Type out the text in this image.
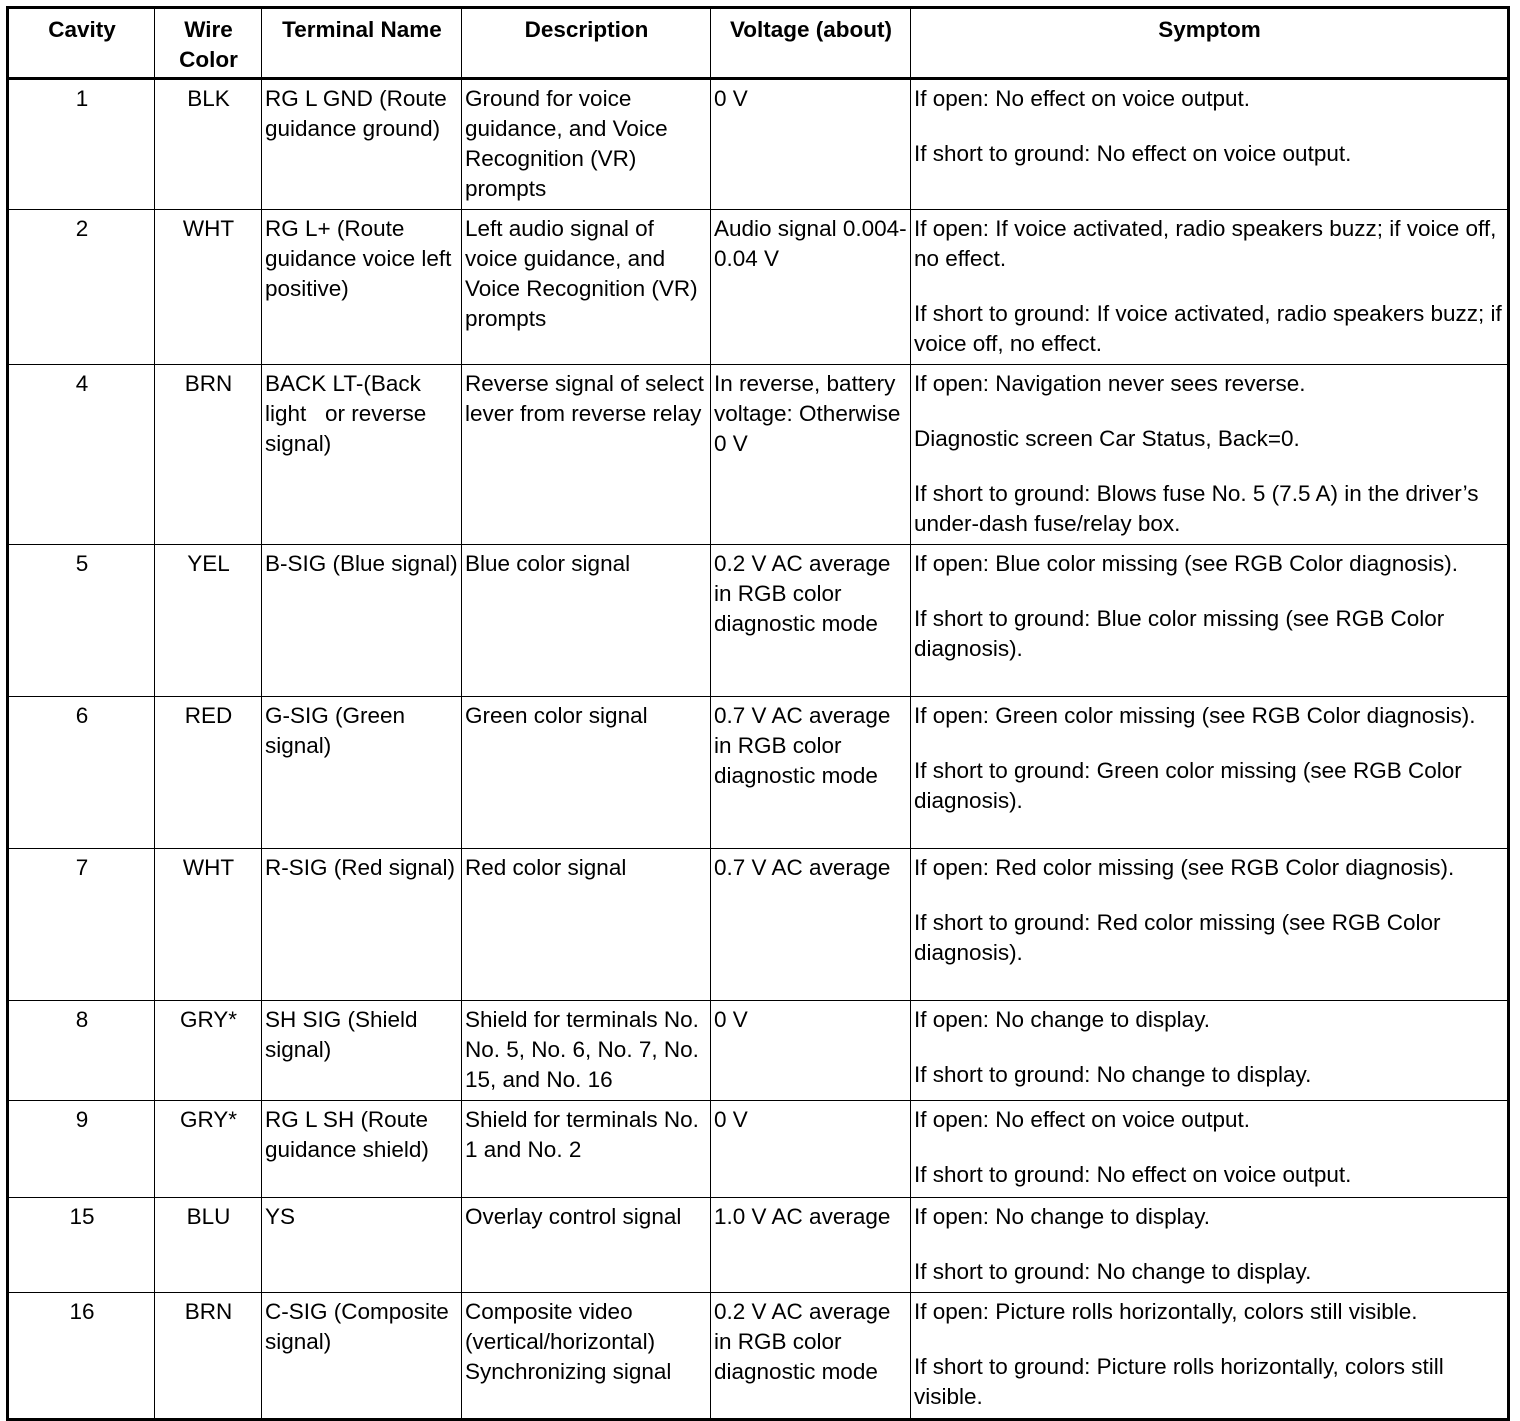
Cavity	Wire Color	Terminal Name	Description	Voltage (about)	Symptom
1	BLK	RG L GND (Route guidance ground)	Ground for voice guidance, and Voice Recognition (VR) prompts	0 V	If open: No effect on voice output.

If short to ground: No effect on voice output.

2	WHT	RG L+ (Route guidance voice left positive)	Left audio signal of voice guidance, and Voice Recognition (VR) prompts	Audio signal 0.004-0.04 V	If open: If voice activated, radio speakers buzz; if voice off, no effect.

If short to ground: If voice activated, radio speakers buzz; if voice off, no effect.

4	BRN	BACK LT-(Back light   or reverse signal)	Reverse signal of select lever from reverse relay	In reverse, battery voltage: Otherwise 0 V	If open: Navigation never sees reverse.

Diagnostic screen Car Status, Back=0.

If short to ground: Blows fuse No. 5 (7.5 A) in the driver’s under-dash fuse/relay box.

5	YEL	B-SIG (Blue signal)	Blue color signal	0.2 V AC average in RGB color diagnostic mode	If open: Blue color missing (see RGB Color diagnosis).

If short to ground: Blue color missing (see RGB Color diagnosis).

6	RED	G-SIG (Green signal)	Green color signal	0.7 V AC average in RGB color diagnostic mode	If open: Green color missing (see RGB Color diagnosis).

If short to ground: Green color missing (see RGB Color diagnosis).

7	WHT	R-SIG (Red signal)	Red color signal	0.7 V AC average	If open: Red color missing (see RGB Color diagnosis).

If short to ground: Red color missing (see RGB Color diagnosis).

8	GRY*	SH SIG (Shield signal)	Shield for terminals No. No. 5, No. 6, No. 7, No. 15, and No. 16	0 V	If open: No change to display.

If short to ground: No change to display.

9	GRY*	RG L SH (Route guidance shield)	Shield for terminals No. 1 and No. 2	0 V	If open: No effect on voice output.

If short to ground: No effect on voice output.

15	BLU	YS	Overlay control signal	1.0 V AC average	If open: No change to display.

If short to ground: No change to display.

16	BRN	C-SIG (Composite signal)	Composite video (vertical/horizontal) Synchronizing signal	0.2 V AC average in RGB color diagnostic mode	If open: Picture rolls horizontally, colors still visible.

If short to ground: Picture rolls horizontally, colors still visible.
